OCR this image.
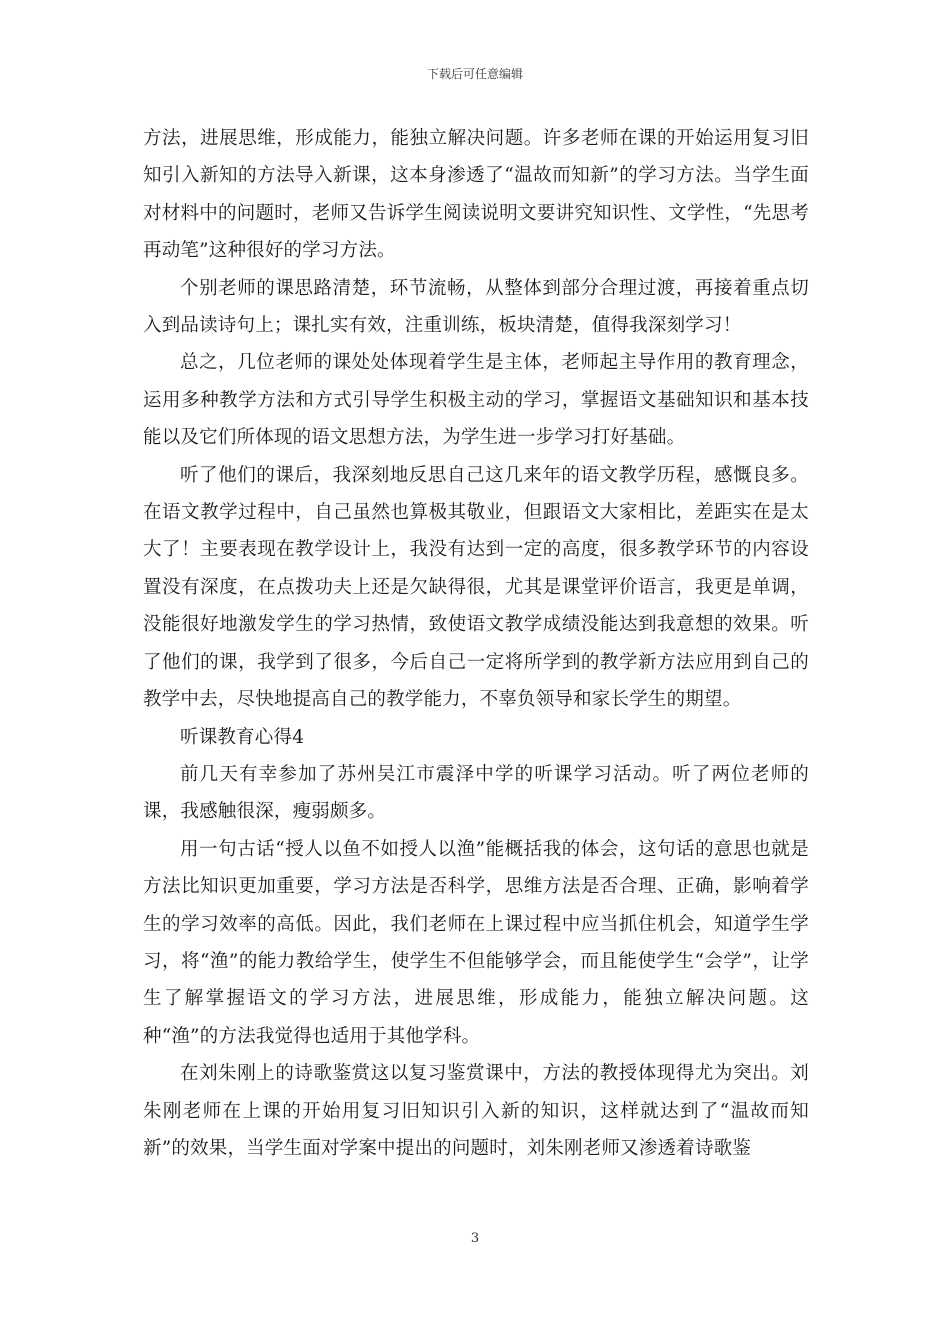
下载后可任意编辑

方法，进展思维，形成能力，能独立解决问题。许多老师在课的开始运用复习旧知引入新知的方法导入新课，这本身渗透了“温故而知新”的学习方法。当学生面对材料中的问题时，老师又告诉学生阅读说明文要讲究知识性、文学性，“先思考再动笔”这种很好的学习方法。

个别老师的课思路清楚，环节流畅，从整体到部分合理过渡，再接着重点切入到品读诗句上；课扎实有效，注重训练，板块清楚，值得我深刻学习！

总之，几位老师的课处处体现着学生是主体，老师起主导作用的教育理念，运用多种教学方法和方式引导学生积极主动的学习，掌握语文基础知识和基本技能以及它们所体现的语文思想方法，为学生进一步学习打好基础。

听了他们的课后，我深刻地反思自己这几来年的语文教学历程，感慨良多。在语文教学过程中，自己虽然也算极其敬业，但跟语文大家相比，差距实在是太大了！主要表现在教学设计上，我没有达到一定的高度，很多教学环节的内容设置没有深度，在点拨功夫上还是欠缺得很，尤其是课堂评价语言，我更是单调，没能很好地激发学生的学习热情，致使语文教学成绩没能达到我意想的效果。听了他们的课，我学到了很多，今后自己一定将所学到的教学新方法应用到自己的教学中去，尽快地提高自己的教学能力，不辜负领导和家长学生的期望。

听课教育心得4

前几天有幸参加了苏州吴江市震泽中学的听课学习活动。听了两位老师的课，我感触很深，瘦弱颇多。

用一句古话“授人以鱼不如授人以渔”能概括我的体会，这句话的意思也就是方法比知识更加重要，学习方法是否科学，思维方法是否合理、正确，影响着学生的学习效率的高低。因此，我们老师在上课过程中应当抓住机会，知道学生学习，将“渔”的能力教给学生，使学生不但能够学会，而且能使学生“会学”，让学生了解掌握语文的学习方法，进展思维，形成能力，能独立解决问题。这种“渔”的方法我觉得也适用于其他学科。

在刘朱刚上的诗歌鉴赏这以复习鉴赏课中，方法的教授体现得尤为突出。刘朱刚老师在上课的开始用复习旧知识引入新的知识，这样就达到了“温故而知新”的效果，当学生面对学案中提出的问题时，刘朱刚老师又渗透着诗歌鉴

3
